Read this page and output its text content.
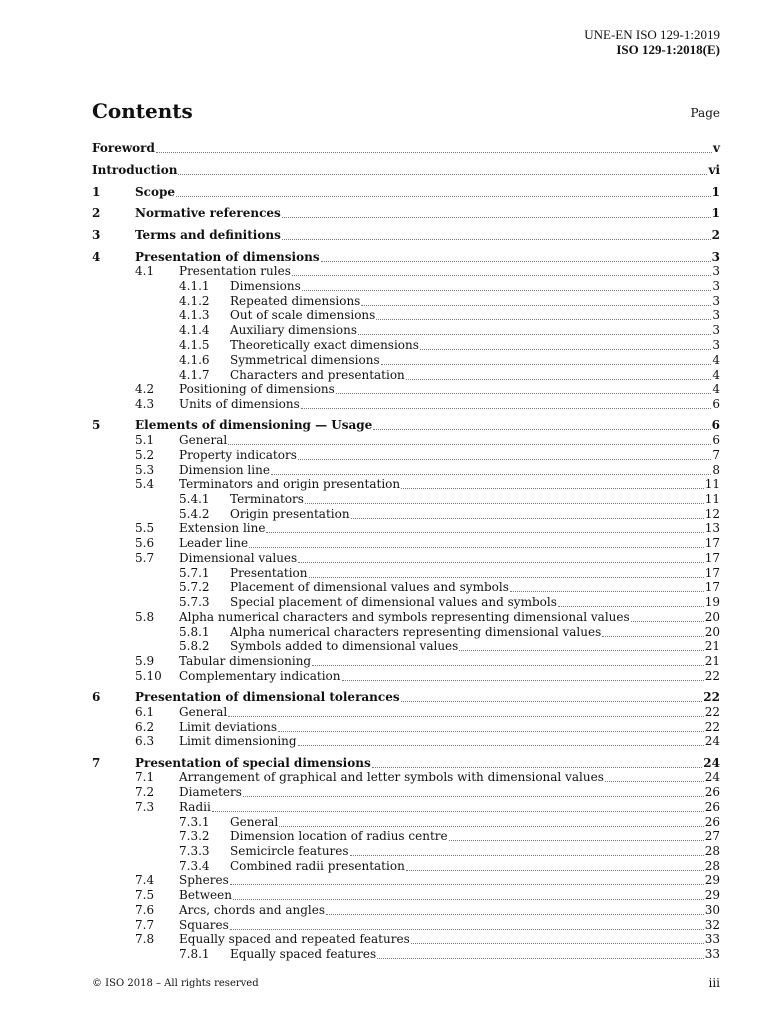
UNE-EN ISO 129-1:2019
ISO 129-1:2018(E)
Contents	Page
Foreword	v
Introduction	vi
1	Scope	1
2	Normative references	1
3	Terms and definitions	2
4	Presentation of dimensions	3
4.1 Presentation rules	3
4.1.1 Dimensions	3
4.1.2 Repeated dimensions	3
4.1.3 Out of scale dimensions	3
4.1.4 Auxiliary dimensions	3
4.1.5 Theoretically exact dimensions	3
4.1.6 Symmetrical dimensions	4
4.1.7 Characters and presentation	4
4.2 Positioning of dimensions	4
4.3 Units of dimensions	6
5	Elements of dimensioning — Usage	6
5.1 General	6
5.2 Property indicators	7
5.3 Dimension line	8
5.4 Terminators and origin presentation	11
5.4.1 Terminators	11
5.4.2 Origin presentation	12
5.5 Extension line	13
5.6 Leader line	17
5.7 Dimensional values	17
5.7.1 Presentation	17
5.7.2 Placement of dimensional values and symbols	17
5.7.3 Special placement of dimensional values and symbols	19
5.8 Alpha numerical characters and symbols representing dimensional values	20
5.8.1 Alpha numerical characters representing dimensional values	20
5.8.2 Symbols added to dimensional values	21
5.9 Tabular dimensioning	21
5.10 Complementary indication	22
6	Presentation of dimensional tolerances	22
6.1 General	22
6.2 Limit deviations	22
6.3 Limit dimensioning	24
7	Presentation of special dimensions	24
7.1 Arrangement of graphical and letter symbols with dimensional values	24
7.2 Diameters	26
7.3 Radii	26
7.3.1 General	26
7.3.2 Dimension location of radius centre	27
7.3.3 Semicircle features	28
7.3.4 Combined radii presentation	28
7.4 Spheres	29
7.5 Between	29
7.6 Arcs, chords and angles	30
7.7 Squares	32
7.8 Equally spaced and repeated features	33
7.8.1 Equally spaced features	33
© ISO 2018 – All rights reserved	iii
